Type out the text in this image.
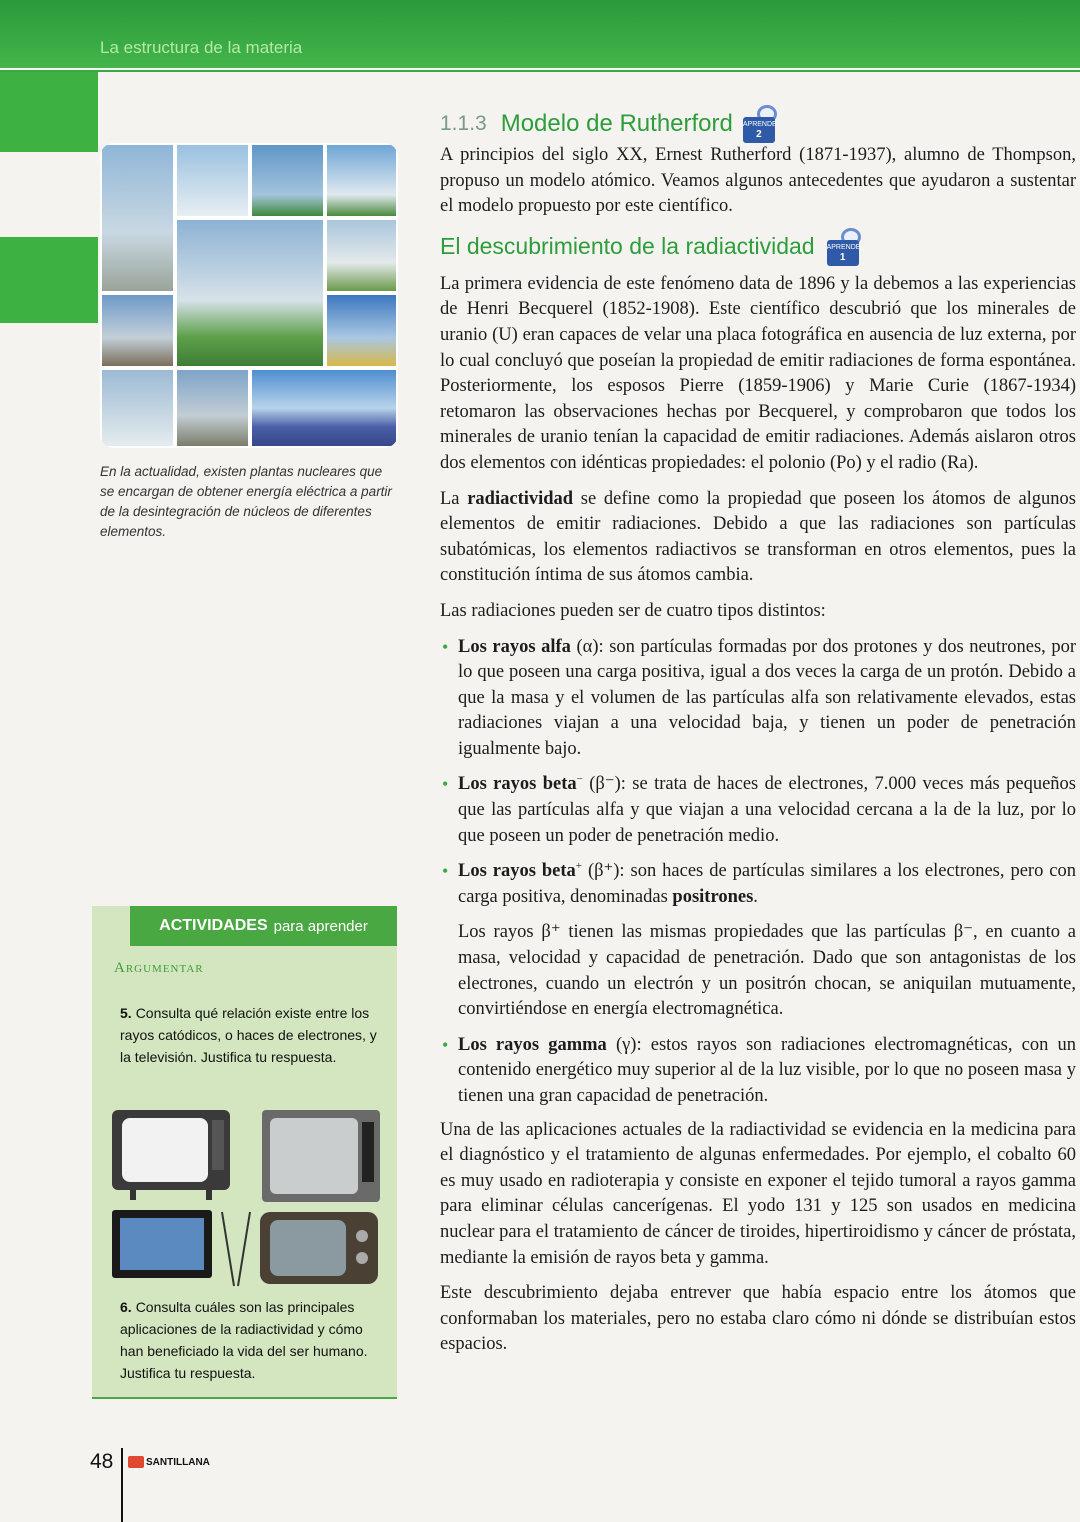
La estructura de la materia
En la actualidad, existen plantas nucleares que se encargan de obtener energía eléctrica a partir de la desintegración de núcleos de diferentes elementos.
ACTIVIDADES para aprender
Argumentar
5. Consulta qué relación existe entre los rayos catódicos, o haces de electrones, y la televisión. Justifica tu respuesta.
6. Consulta cuáles son las principales aplicaciones de la radiactividad y cómo han beneficiado la vida del ser humano. Justifica tu respuesta.
48	SANTILLANA
1.1.3 Modelo de Rutherford APRENDE
2

A principios del siglo XX, Ernest Rutherford (1871-1937), alumno de Thompson, propuso un modelo atómico. Veamos algunos antecedentes que ayudaron a sustentar el modelo propuesto por este científico.

El descubrimiento de la radiactividad APRENDE
1

La primera evidencia de este fenómeno data de 1896 y la debemos a las experiencias de Henri Becquerel (1852-1908). Este científico descubrió que los minerales de uranio (U) eran capaces de velar una placa fotográfica en ausencia de luz externa, por lo cual concluyó que poseían la propiedad de emitir radiaciones de forma espontánea. Posteriormente, los esposos Pierre (1859-1906) y Marie Curie (1867-1934) retomaron las observaciones hechas por Becquerel, y comprobaron que todos los minerales de uranio tenían la capacidad de emitir radiaciones. Además aislaron otros dos elementos con idénticas propiedades: el polonio (Po) y el radio (Ra).

La radiactividad se define como la propiedad que poseen los átomos de algunos elementos de emitir radiaciones. Debido a que las radiaciones son partículas subatómicas, los elementos radiactivos se transforman en otros elementos, pues la constitución íntima de sus átomos cambia.

Las radiaciones pueden ser de cuatro tipos distintos:

• Los rayos alfa (α): son partículas formadas por dos protones y dos neutrones, por lo que poseen una carga positiva, igual a dos veces la carga de un protón. Debido a que la masa y el volumen de las partículas alfa son relativamente elevados, estas radiaciones viajan a una velocidad baja, y tienen un poder de penetración igualmente bajo.

• Los rayos beta− (β⁻): se trata de haces de electrones, 7.000 veces más pequeños que las partículas alfa y que viajan a una velocidad cercana a la de la luz, por lo que poseen un poder de penetración medio.

• Los rayos beta+ (β⁺): son haces de partículas similares a los electrones, pero con carga positiva, denominadas positrones.

Los rayos β⁺ tienen las mismas propiedades que las partículas β⁻, en cuanto a masa, velocidad y capacidad de penetración. Dado que son antagonistas de los electrones, cuando un electrón y un positrón chocan, se aniquilan mutuamente, convirtiéndose en energía electromagnética.

• Los rayos gamma (γ): estos rayos son radiaciones electromagnéticas, con un contenido energético muy superior al de la luz visible, por lo que no poseen masa y tienen una gran capacidad de penetración.

Una de las aplicaciones actuales de la radiactividad se evidencia en la medicina para el diagnóstico y el tratamiento de algunas enfermedades. Por ejemplo, el cobalto 60 es muy usado en radioterapia y consiste en exponer el tejido tumoral a rayos gamma para eliminar células cancerígenas. El yodo 131 y 125 son usados en medicina nuclear para el tratamiento de cáncer de tiroides, hipertiroidismo y cáncer de próstata, mediante la emisión de rayos beta y gamma.

Este descubrimiento dejaba entrever que había espacio entre los átomos que conformaban los materiales, pero no estaba claro cómo ni dónde se distribuían estos espacios.
